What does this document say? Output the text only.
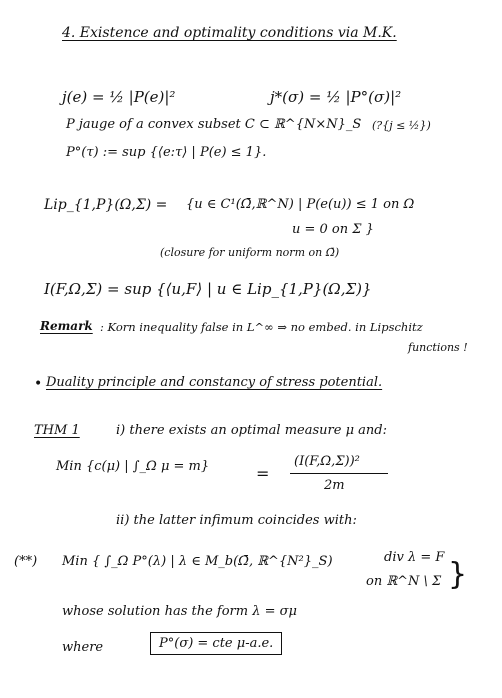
4. Existence and optimality conditions via M.K.
j(e) = ½ |P(e)|²	j*(σ) = ½ |P°(σ)|²
P jauge of a convex subset C ⊂ ℝ^{N×N}_S (?{j ≤ ½})
P°(τ) := sup {⟨e:τ⟩ | P(e) ≤ 1}.
Lip_{1,P}(Ω,Σ) = {u ∈ C¹(Ω̄,ℝ^N) | P(e(u)) ≤ 1 on Ω
u = 0 on Σ }
(closure for uniform norm on Ω̄)
I(F,Ω,Σ) = sup {⟨u,F⟩ | u ∈ Lip_{1,P}(Ω,Σ)}
Remark : Korn inequality false in L^∞ ⇒ no embed. in Lipschitz
functions !
• Duality principle and constancy of stress potential.
THM 1	i) there exists an optimal measure μ and:
Min {c(μ) | ∫_Ω μ = m}	=
(I(F,Ω,Σ))²
2m
ii) the latter infimum coincides with:
(**) Min { ∫_Ω P°(λ) | λ ∈ M_b(Ω̄, ℝ^{N²}_S)	div λ = F
on ℝ^N \ Σ }
whose solution has the form λ = σμ
where	P°(σ) = cte μ-a.e.
